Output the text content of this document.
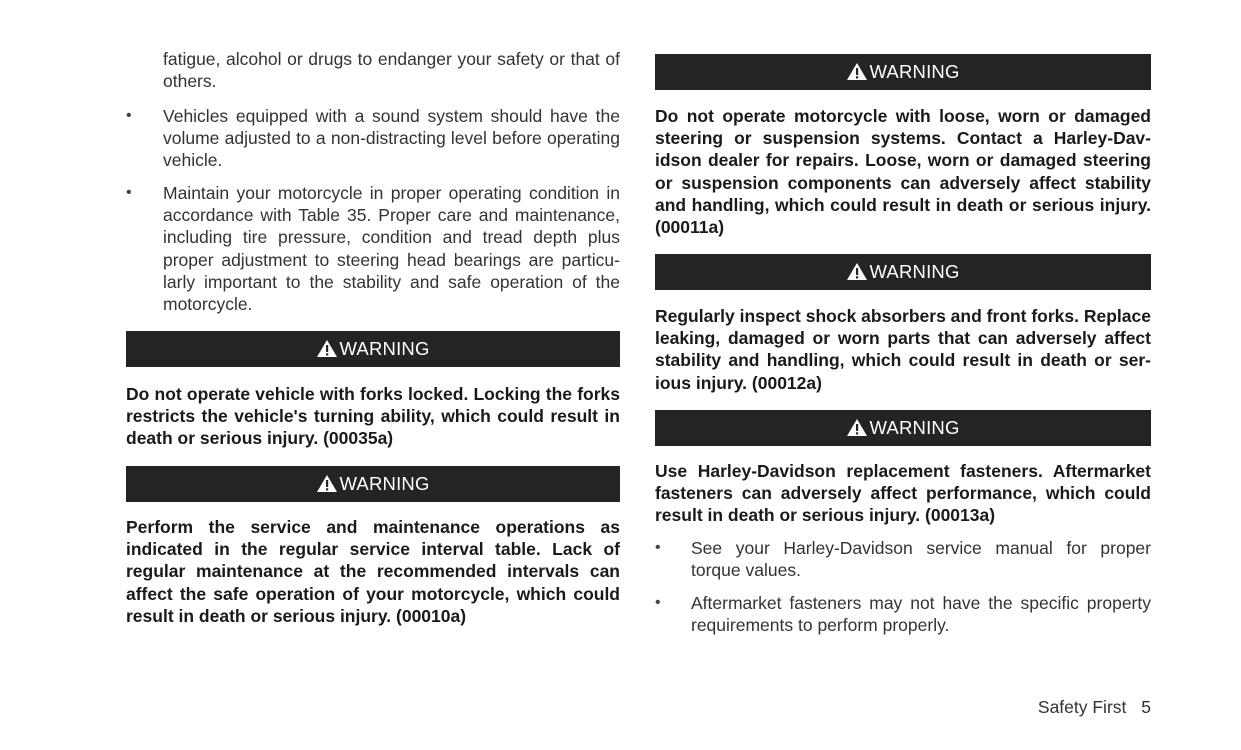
fatigue, alcohol or drugs to endanger your safety or that of others.
• Vehicles equipped with a sound system should have the volume adjusted to a non-distracting level before operating vehicle.
• Maintain your motorcycle in proper operating condition in accordance with Table 35. Proper care and maintenance, including tire pressure, condition and tread depth plus proper adjustment to steering head bearings are particu-larly important to the stability and safe operation of the motorcycle.
WARNING
Do not operate vehicle with forks locked. Locking the forks restricts the vehicle's turning ability, which could result in death or serious injury. (00035a)
WARNING
Perform the service and maintenance operations as indicated in the regular service interval table. Lack of regular maintenance at the recommended intervals can affect the safe operation of your motorcycle, which could result in death or serious injury. (00010a)
WARNING
Do not operate motorcycle with loose, worn or damaged steering or suspension systems. Contact a Harley-Dav-idson dealer for repairs. Loose, worn or damaged steering or suspension components can adversely affect stability and handling, which could result in death or serious injury. (00011a)
WARNING
Regularly inspect shock absorbers and front forks. Replace leaking, damaged or worn parts that can adversely affect stability and handling, which could result in death or ser-ious injury. (00012a)
WARNING
Use Harley-Davidson replacement fasteners. Aftermarket fasteners can adversely affect performance, which could result in death or serious injury. (00013a)
• See your Harley-Davidson service manual for proper torque values.
• Aftermarket fasteners may not have the specific property requirements to perform properly.
Safety First 5
